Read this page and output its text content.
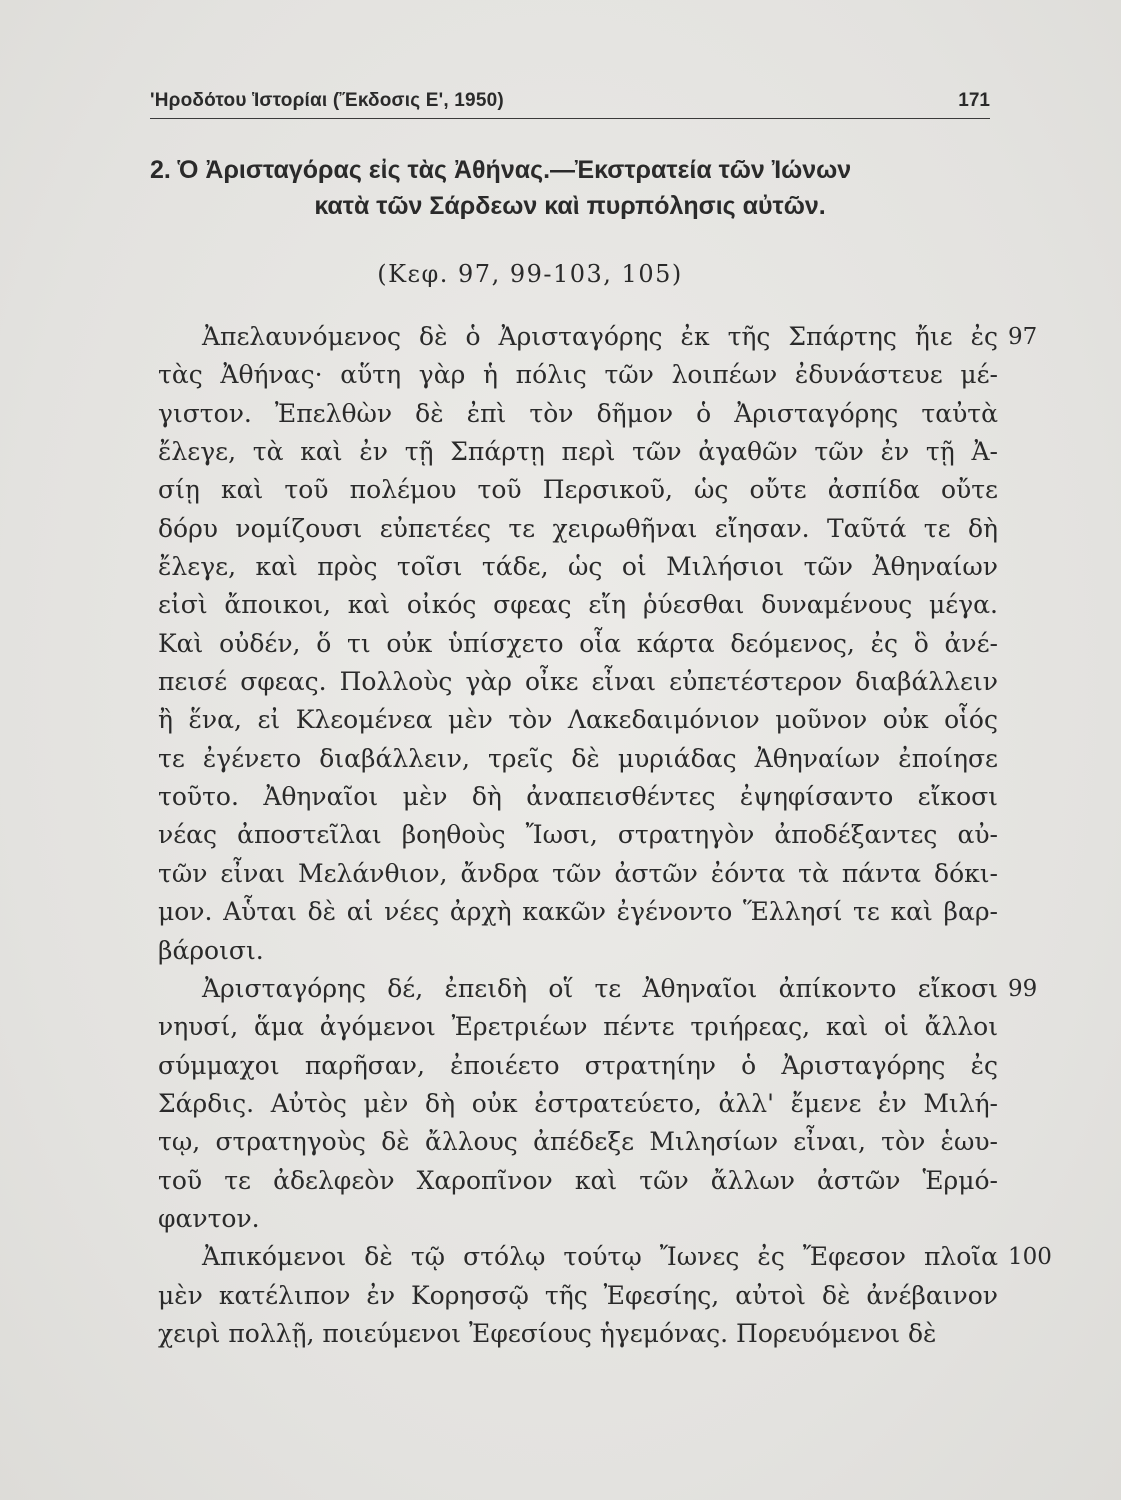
'Ηροδότου Ἱστορίαι (Ἔκδοσις Ε', 1950)	171
2. Ὁ Ἀρισταγόρας εἰς τὰς Ἀθήνας.—Ἐκστρατεία τῶν Ἰώνων
κατὰ τῶν Σάρδεων καὶ πυρπόλησις αὐτῶν.
(Κεφ. 97, 99-103, 105)
Ἀπελαυνόμενος δὲ ὁ Ἀρισταγόρης ἐκ τῆς Σπάρτης ἤιε ἐς 97
τὰς Ἀθήνας· αὕτη γὰρ ἡ πόλις τῶν λοιπέων ἐδυνάστευε μέ-
γιστον. Ἐπελθὼν δὲ ἐπὶ τὸν δῆμον ὁ Ἀρισταγόρης ταὐτὰ
ἔλεγε, τὰ καὶ ἐν τῇ Σπάρτῃ περὶ τῶν ἀγαθῶν τῶν ἐν τῇ Ἀ-
σίῃ καὶ τοῦ πολέμου τοῦ Περσικοῦ, ὡς οὔτε ἀσπίδα οὔτε
δόρυ νομίζουσι εὐπετέες τε χειρωθῆναι εἴησαν. Ταῦτά τε δὴ
ἔλεγε, καὶ πρὸς τοῖσι τάδε, ὡς οἱ Μιλήσιοι τῶν Ἀθηναίων
εἰσὶ ἄποικοι, καὶ οἰκός σφεας εἴη ῥύεσθαι δυναμένους μέγα.
Καὶ οὐδέν, ὅ τι οὐκ ὑπίσχετο οἷα κάρτα δεόμενος, ἐς ὃ ἀνέ-
πεισέ σφεας. Πολλοὺς γὰρ οἶκε εἶναι εὐπετέστερον διαβάλλειν
ἢ ἕνα, εἰ Κλεομένεα μὲν τὸν Λακεδαιμόνιον μοῦνον οὐκ οἷός
τε ἐγένετο διαβάλλειν, τρεῖς δὲ μυριάδας Ἀθηναίων ἐποίησε
τοῦτο. Ἀθηναῖοι μὲν δὴ ἀναπεισθέντες ἐψηφίσαντο εἴκοσι
νέας ἀποστεῖλαι βοηθοὺς Ἴωσι, στρατηγὸν ἀποδέξαντες αὐ-
τῶν εἶναι Μελάνθιον, ἄνδρα τῶν ἀστῶν ἐόντα τὰ πάντα δόκι-
μον. Αὗται δὲ αἱ νέες ἀρχὴ κακῶν ἐγένοντο Ἕλλησί τε καὶ βαρ-
βάροισι.
Ἀρισταγόρης δέ, ἐπειδὴ οἵ τε Ἀθηναῖοι ἀπίκοντο εἴκοσι 99
νηυσί, ἅμα ἀγόμενοι Ἐρετριέων πέντε τριήρεας, καὶ οἱ ἄλλοι
σύμμαχοι παρῆσαν, ἐποιέετο στρατηίην ὁ Ἀρισταγόρης ἐς
Σάρδις. Αὐτὸς μὲν δὴ οὐκ ἐστρατεύετο, ἀλλ' ἔμενε ἐν Μιλή-
τῳ, στρατηγοὺς δὲ ἄλλους ἀπέδεξε Μιλησίων εἶναι, τὸν ἑωυ-
τοῦ τε ἀδελφεὸν Χαροπῖνον καὶ τῶν ἄλλων ἀστῶν Ἑρμό-
φαντον.
Ἀπικόμενοι δὲ τῷ στόλῳ τούτῳ Ἴωνες ἐς Ἔφεσον πλοῖα 100
μὲν κατέλιπον ἐν Κορησσῷ τῆς Ἐφεσίης, αὐτοὶ δὲ ἀνέβαινον
χειρὶ πολλῇ, ποιεύμενοι Ἐφεσίους ἡγεμόνας. Πορευόμενοι δὲ
